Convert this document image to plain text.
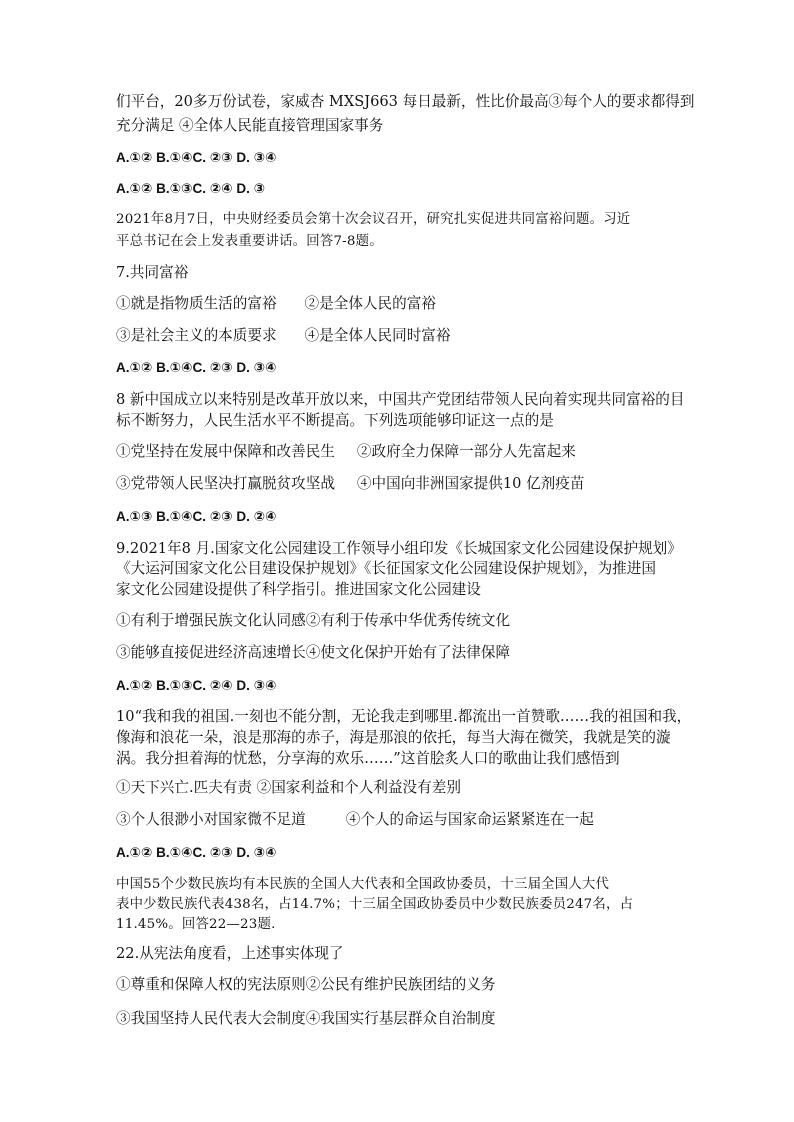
们平台，20多万份试卷，家威杏 MXSJ663 每日最新，性比价最高③每个人的要求都得到
充分满足 ④全体人民能直接管理国家事务
A.①② B.①④C. ②③ D. ③④
A.①② B.①③C. ②④ D. ③
2021年8月7日，中央财经委员会第十次会议召开，研究扎实促进共同富裕问题。习近
平总书记在会上发表重要讲话。回答7-8题。
7.共同富裕
①就是指物质生活的富裕 ②是全体人民的富裕
③是社会主义的本质要求 ④是全体人民同时富裕
A.①② B.①④C. ②③ D. ③④
8 新中国成立以来特别是改革开放以来，中国共产党团结带领人民向着实现共同富裕的目
标不断努力，人民生活水平不断提高。下列选项能够印证这一点的是
①党坚持在发展中保障和改善民生 ②政府全力保障一部分人先富起来
③党带领人民坚决打赢脱贫攻坚战 ④中国向非洲国家提供10 亿剂疫苗
A.①③ B.①④C. ②③ D. ②④
9.2021年8 月.国家文化公园建设工作领导小组印发《长城国家文化公园建设保护规划》
《大运河国家文化公目建设保护规划》《长征国家文化公园建设保护规划》，为推进国
家文化公园建设提供了科学指引。推进国家文化公园建设
①有利于增强民族文化认同感②有利于传承中华优秀传统文化
③能够直接促进经济高速增长④使文化保护开始有了法律保障
A.①② B.①③C. ②④ D. ③④
10“我和我的祖国.一刻也不能分割，无论我走到哪里.都流出一首赞歌……我的祖国和我，
像海和浪花一朵，浪是那海的赤子，海是那浪的依托，每当大海在微笑，我就是笑的漩
涡。我分担着海的忧愁，分享海的欢乐……”这首脍炙人口的歌曲让我们感悟到
①天下兴亡.匹夫有责 ②国家利益和个人利益没有差别
③个人很渺小对国家微不足道	④个人的命运与国家命运紧紧连在一起
A.①② B.①④C. ②③ D. ③④
中国55个少数民族均有本民族的全国人大代表和全国政协委员，十三届全国人大代
表中少数民族代表438名，占14.7%；十三届全国政协委员中少数民族委员247名，占
11.45%。回答22—23题.
22.从宪法角度看，上述事实体现了
①尊重和保障人权的宪法原则②公民有维护民族团结的义务
③我国坚持人民代表大会制度④我国实行基层群众自治制度
